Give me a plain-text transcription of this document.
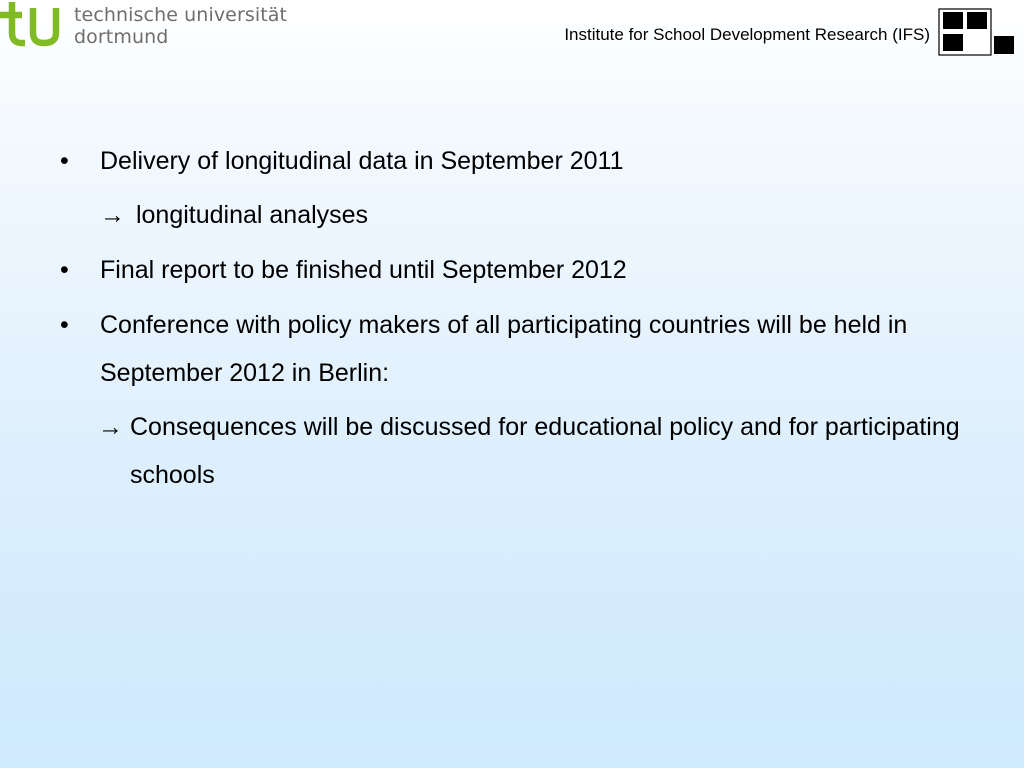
technische universität
dortmund	Institute for School Development Research (IFS)
•	Delivery of longitudinal data in September 2011
→ longitudinal analyses
•	Final report to be finished until September 2012
•	Conference with policy makers of all participating countries will be held in September 2012 in Berlin:
→ Consequences will be discussed for educational policy and for participating schools
